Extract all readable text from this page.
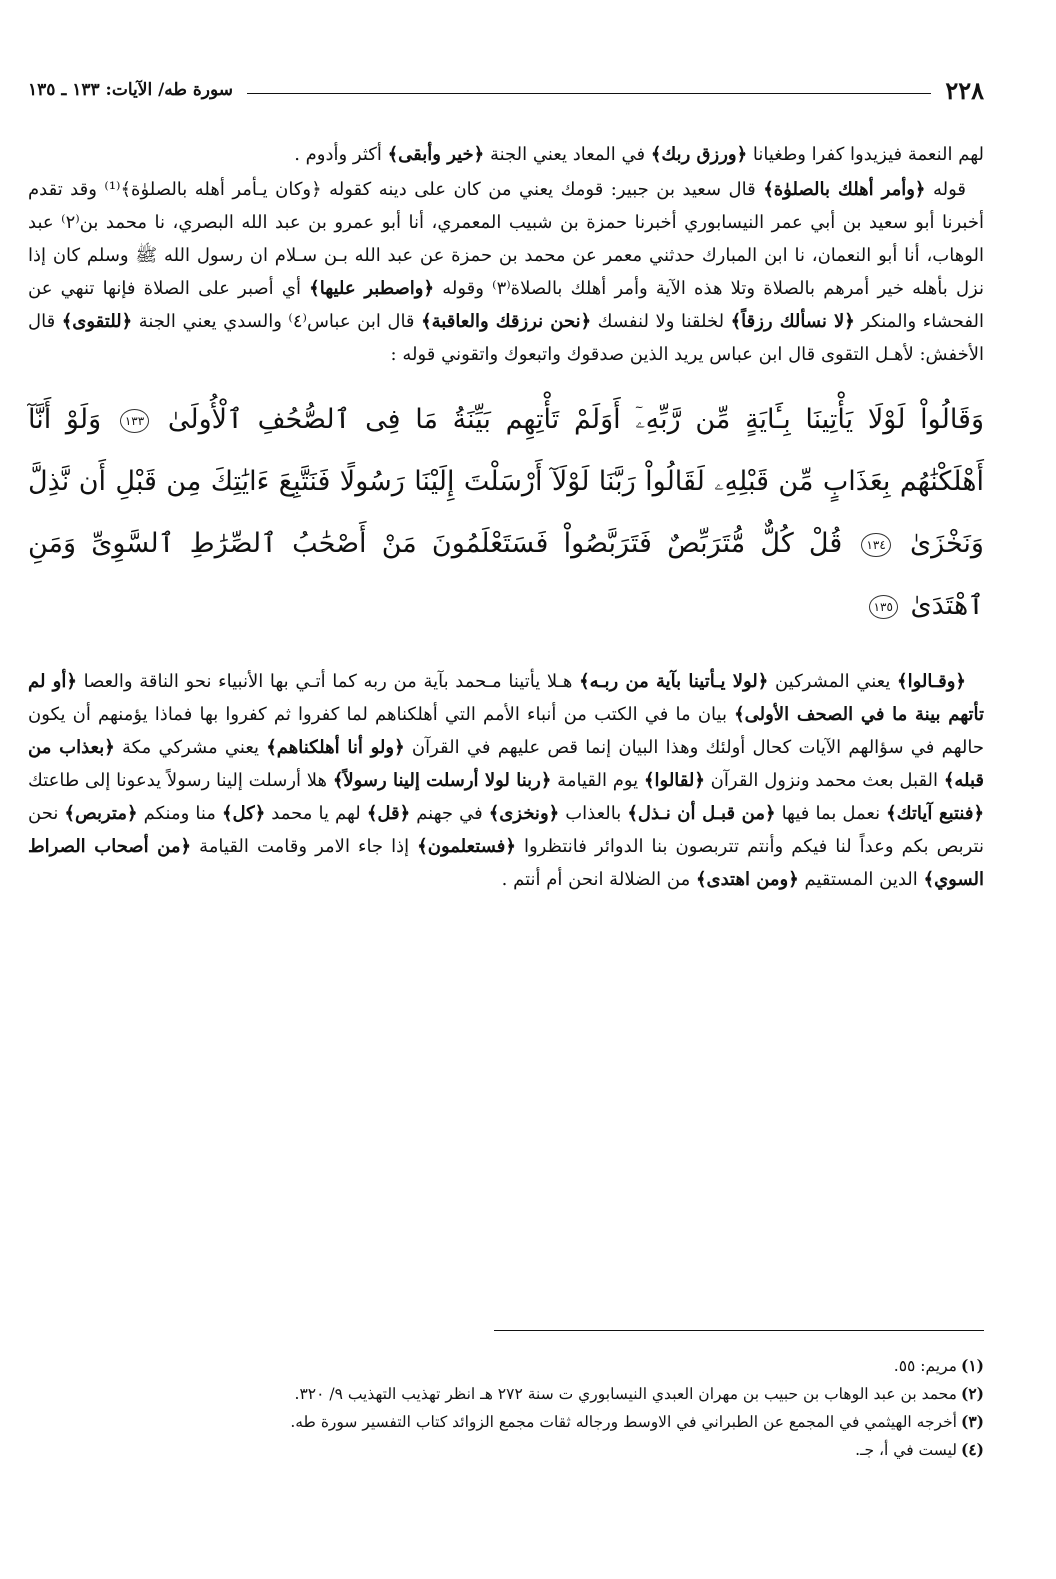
٢٢٨
سورة طه/ الآيات: ١٣٣ ـ ١٣٥

لهم النعمة فيزيدوا كفرا وطغيانا ﴿ورزق ربك﴾ في المعاد يعني الجنة ﴿خير وأبقى﴾ أكثر وأدوم .

قوله ﴿وأمر أهلك بالصلوٰة﴾ قال سعيد بن جبير: قومك يعني من كان على دينه كقوله ﴿وكان يـأمر أهله بالصلوٰة﴾⁽¹⁾ وقد تقدم أخبرنا أبو سعيد بن أبي عمر النيسابوري أخبرنا حمزة بن شبيب المعمري، أنا أبو عمرو بن عبد الله البصري، نا محمد بن⁽٢⁾ عبد الوهاب، أنا أبو النعمان، نا ابن المبارك حدثني معمر عن محمد بن حمزة عن عبد الله بـن سـلام ان رسول الله ﷺ وسلم كان إذا نزل بأهله خير أمرهم بالصلاة وتلا هذه الآية وأمر أهلك بالصلاة⁽٣⁾ وقوله ﴿واصطبر عليها﴾ أي أصبر على الصلاة فإنها تنهي عن الفحشاء والمنكر ﴿لا نسألك رزقاً﴾ لخلقنا ولا لنفسك ﴿نحن نرزقك والعاقبة﴾ قال ابن عباس⁽٤⁾ والسدي يعني الجنة ﴿للتقوى﴾ قال الأخفش: لأهـل التقوى قال ابن عباس يريد الذين صدقوك واتبعوك واتقوني قوله :

وَقَالُواْ لَوْلَا يَأْتِينَا بِـَٔايَةٍ مِّن رَّبِّهِۦٓ أَوَلَمْ تَأْتِهِم بَيِّنَةُ مَا فِى ٱلصُّحُفِ ٱلْأُولَىٰ ١٣٣ وَلَوْ أَنَّآ أَهْلَكْنَٰهُم بِعَذَابٍ مِّن قَبْلِهِۦ لَقَالُواْ رَبَّنَا لَوْلَآ أَرْسَلْتَ إِلَيْنَا رَسُولًا فَنَتَّبِعَ ءَايَٰتِكَ مِن قَبْلِ أَن نَّذِلَّ وَنَخْزَىٰ ١٣٤ قُلْ كُلٌّ مُّتَرَبِّصٌ فَتَرَبَّصُواْ فَسَتَعْلَمُونَ مَنْ أَصْحَٰبُ ٱلصِّرَٰطِ ٱلسَّوِىِّ وَمَنِ ٱهْتَدَىٰ ١٣٥

﴿وقـالوا﴾ يعني المشركين ﴿لولا يـأتينا بآية من ربـه﴾ هـلا يأتينا مـحمد بآية من ربه كما أتـي بها الأنبياء نحو الناقة والعصا ﴿أو لم تأتهم بينة ما في الصحف الأولى﴾ بيان ما في الكتب من أنباء الأمم التي أهلكناهم لما كفروا ثم كفروا بها فماذا يؤمنهم أن يكون حالهم في سؤالهم الآيات كحال أولئك وهذا البيان إنما قص عليهم في القرآن ﴿ولو أنا أهلكناهم﴾ يعني مشركي مكة ﴿بعذاب من قبله﴾ القبل بعث محمد ونزول القرآن ﴿لقالوا﴾ يوم القيامة ﴿ربنا لولا أرسلت إلينا رسولاً﴾ هلا أرسلت إلينا رسولاً يدعونا إلى طاعتك ﴿فنتبع آياتك﴾ نعمل بما فيها ﴿من قبـل أن نـذل﴾ بالعذاب ﴿ونخزى﴾ في جهنم ﴿قل﴾ لهم يا محمد ﴿كل﴾ منا ومنكم ﴿متربص﴾ نحن نتربص بكم وعداً لنا فيكم وأنتم تتربصون بنا الدوائر فانتظروا ﴿فستعلمون﴾ إذا جاء الامر وقامت القيامة ﴿من أصحاب الصراط السوي﴾ الدين المستقيم ﴿ومن اهتدى﴾ من الضلالة انحن أم أنتم .

(١)مريم: ٥٥.

(٢)محمد بن عبد الوهاب بن حبيب بن مهران العبدي النيسابوري ت سنة ٢٧٢ هـ انظر تهذيب التهذيب ٩/ ٣٢٠.

(٣)أخرجه الهيثمي في المجمع عن الطبراني في الاوسط ورجاله ثقات مجمع الزوائد كتاب التفسير سورة طه.

(٤)ليست في أ، جـ.
